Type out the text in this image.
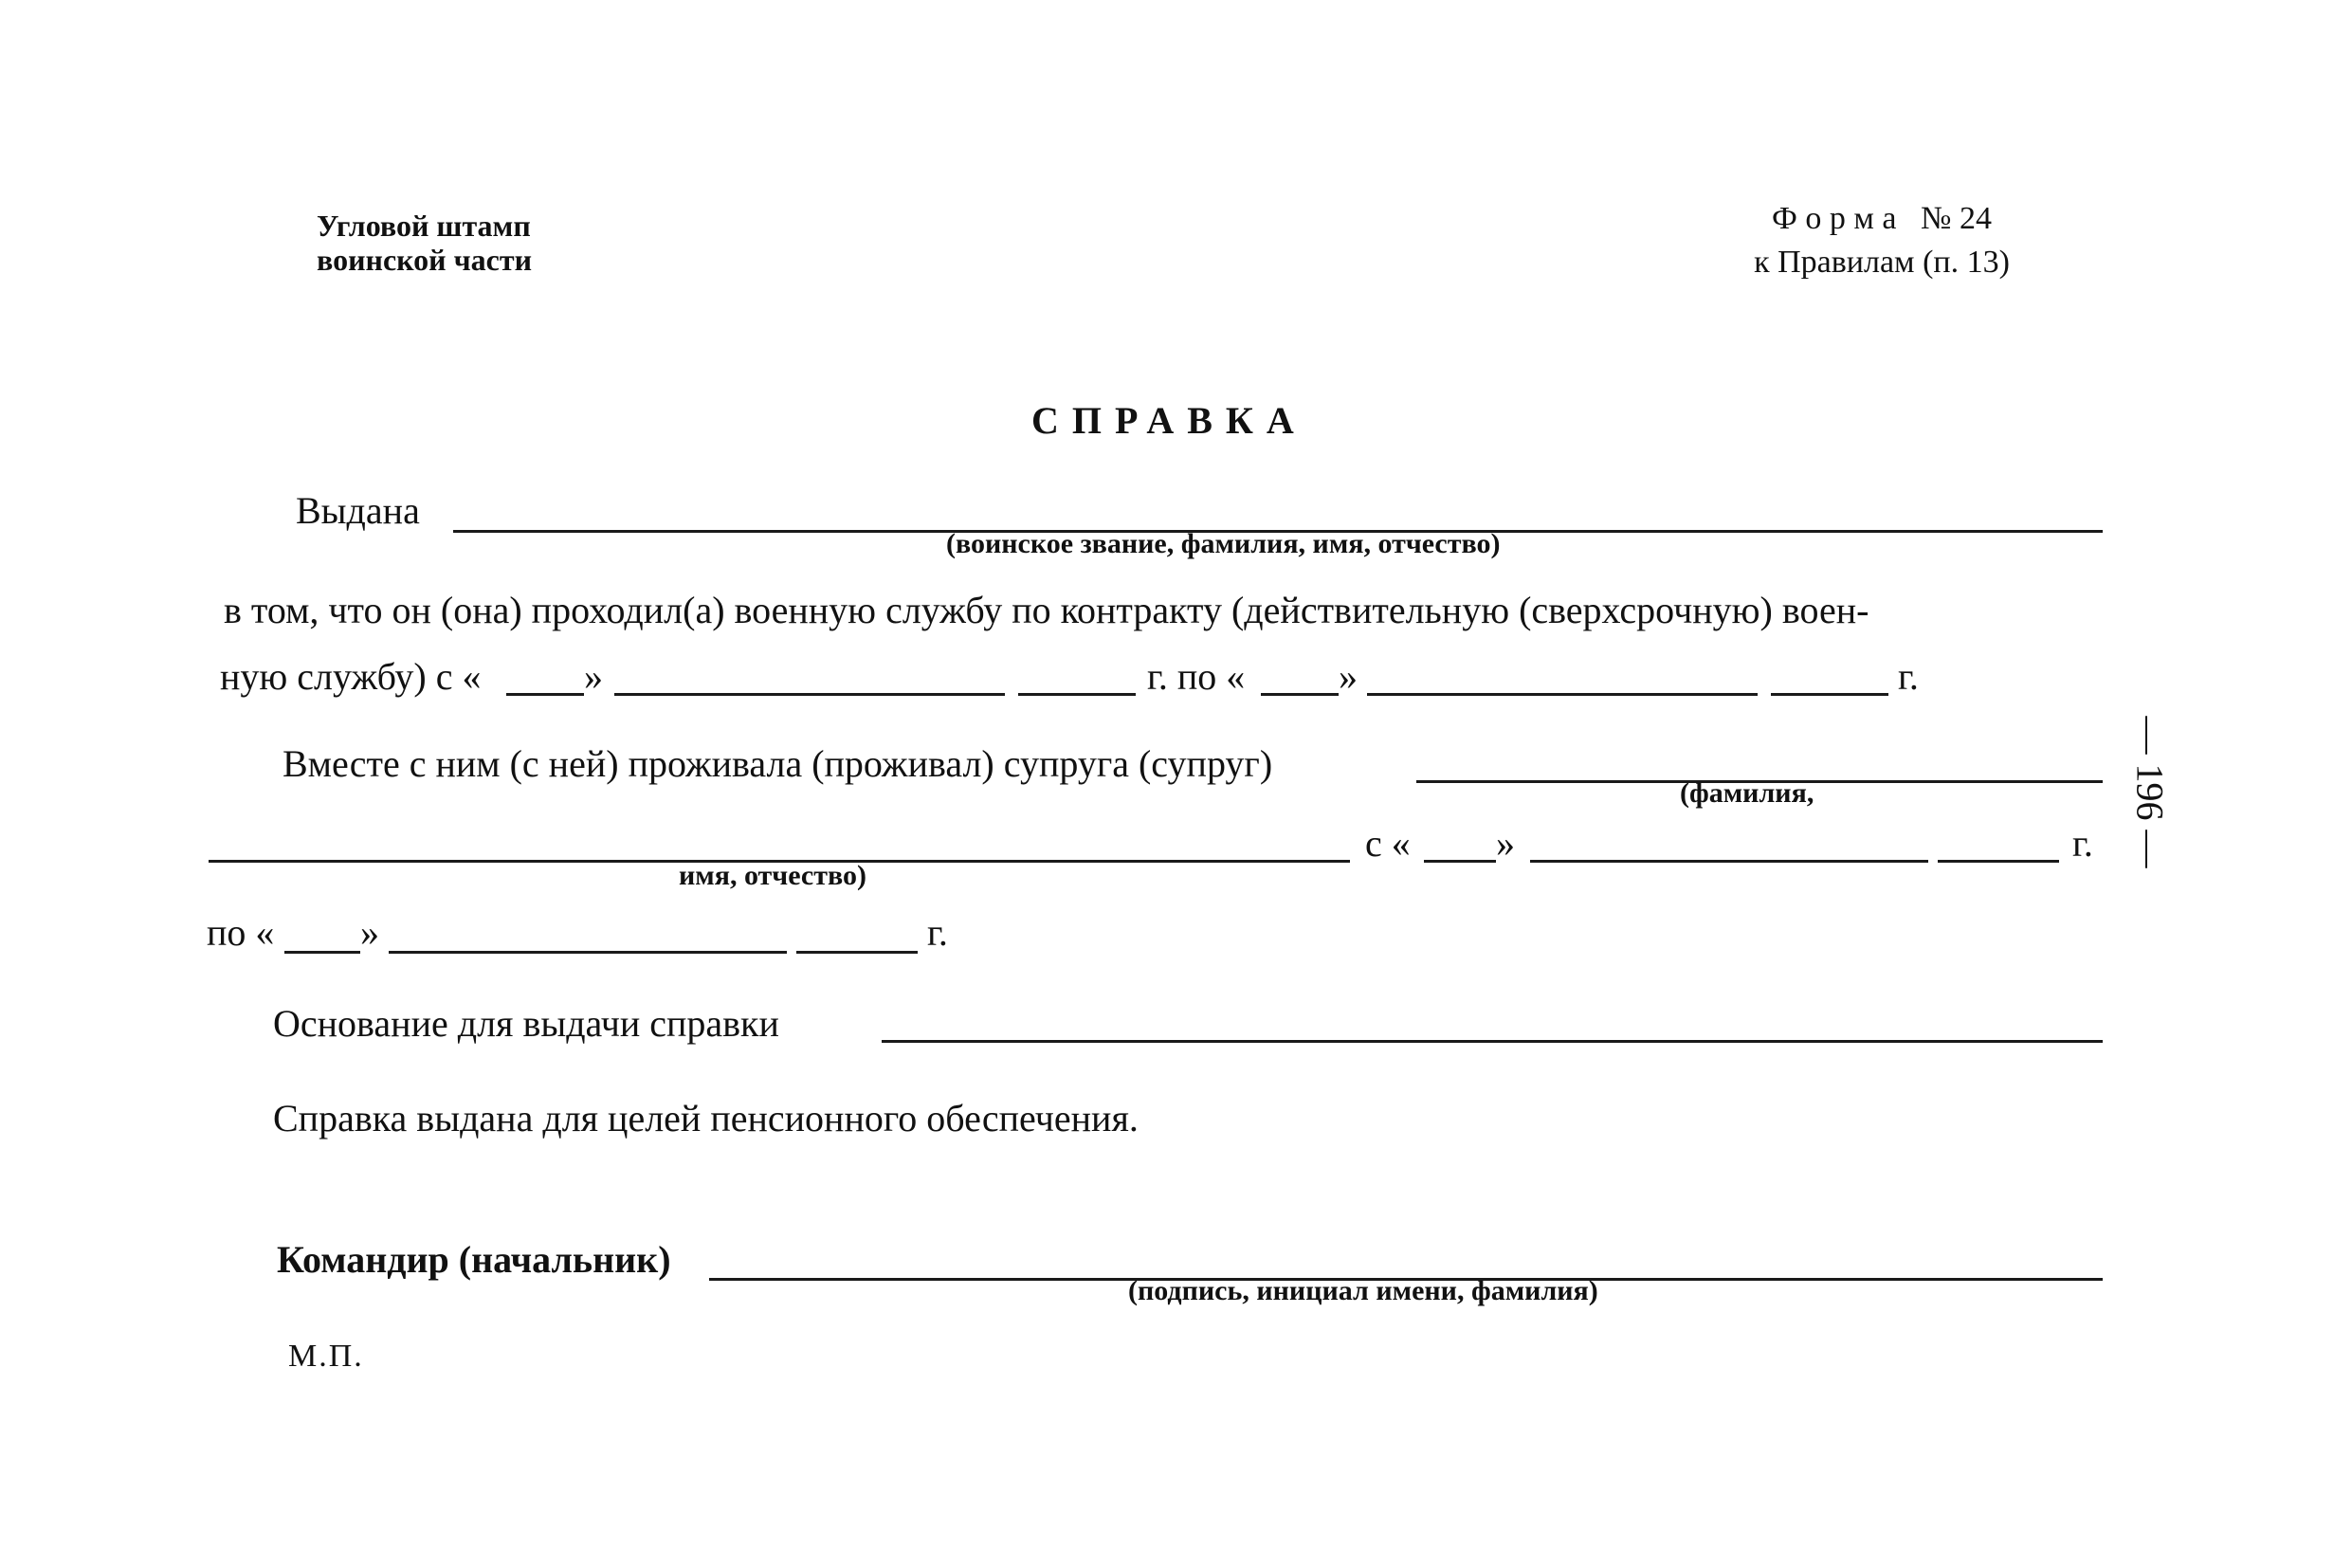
Угловой штамп
воинской части
Ф о р м а   № 24
к Правилам (п. 13)
СПРАВКА
Выдана
(воинское звание, фамилия, имя, отчество)
в том, что он (она) проходил(а) военную службу по контракту (действительную (сверхсрочную) воен-
ную службу) с «	»	г. по « »	г.
Вместе с ним (с ней) проживала (проживал) супруга (супруг)
(фамилия,
имя, отчество)
с « »	г.
по « »	г.
Основание для выдачи справки
Справка выдана для целей пенсионного обеспечения.
Командир (начальник)
(подпись, инициал имени, фамилия)
М.П.
— 196 —
